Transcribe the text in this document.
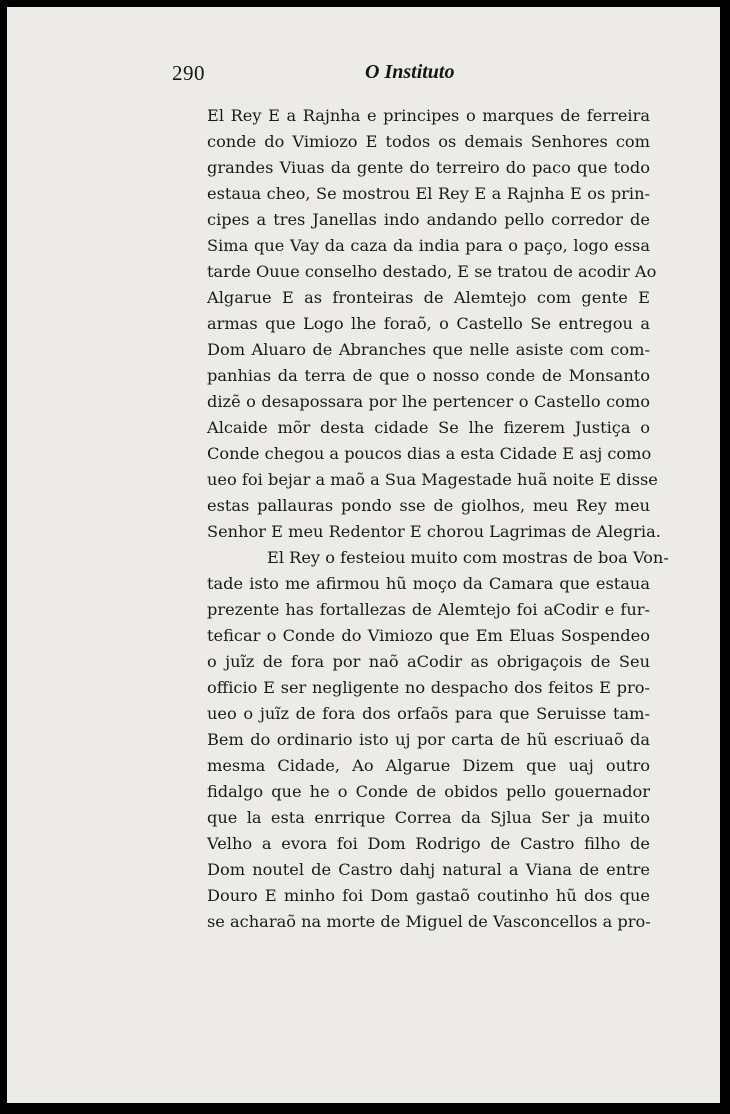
290	O Instituto
El Rey E a Rajnha e principes o marques de ferreira
conde do Vimiozo E todos os demais Senhores com
grandes Viuas da gente do terreiro do paco que todo
estaua cheo, Se mostrou El Rey E a Rajnha E os prin-
cipes a tres Janellas indo andando pello corredor de
Sima que Vay da caza da india para o paço, logo essa
tarde Ouue conselho destado, E se tratou de acodir Ao
Algarue E as fronteiras de Alemtejo com gente E
armas que Logo lhe foraõ, o Castello Se entregou a
Dom Aluaro de Abranches que nelle asiste com com-
panhias da terra de que o nosso conde de Monsanto
dizẽ o desapossara por lhe pertencer o Castello como
Alcaide mõr desta cidade Se lhe fizerem Justiça o
Conde chegou a poucos dias a esta Cidade E asj como
ueo foi bejar a maõ a Sua Magestade huã noite E disse
estas pallauras pondo sse de giolhos, meu Rey meu
Senhor E meu Redentor E chorou Lagrimas de Alegria.
El Rey o festeiou muito com mostras de boa Von-
tade isto me afirmou hũ moço da Camara que estaua
prezente has fortallezas de Alemtejo foi aCodir e fur-
teficar o Conde do Vimiozo que Em Eluas Sospendeo
o juĩz de fora por naõ aCodir as obrigaçois de Seu
officio E ser negligente no despacho dos feitos E pro-
ueo o juĩz de fora dos orfaõs para que Seruisse tam-
Bem do ordinario isto uj por carta de hũ escriuaõ da
mesma Cidade, Ao Algarue Dizem que uaj outro
fidalgo que he o Conde de obidos pello gouernador
que la esta enrrique Correa da Sjlua Ser ja muito
Velho a evora foi Dom Rodrigo de Castro filho de
Dom noutel de Castro dahj natural a Viana de entre
Douro E minho foi Dom gastaõ coutinho hũ dos que
se acharaõ na morte de Miguel de Vasconcellos a pro-
